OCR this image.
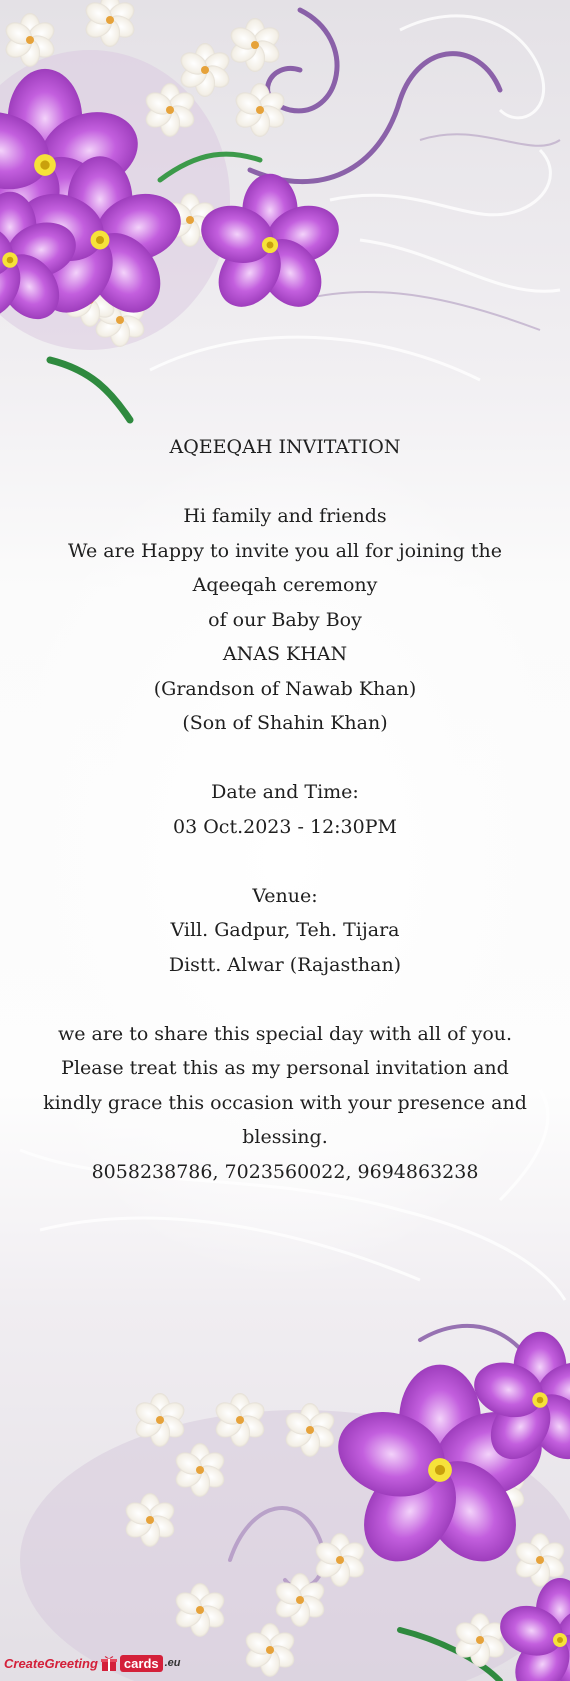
AQEEQAH INVITATION
Hi family and friends
We are Happy to invite you all for joining the
Aqeeqah ceremony
of our Baby Boy
ANAS KHAN
(Grandson of Nawab Khan)
(Son of Shahin Khan)
Date and Time:
03 Oct.2023 - 12:30PM
Venue:
Vill. Gadpur, Teh. Tijara
Distt. Alwar (Rajasthan)
we are to share this special day with all of you. Please treat this as my personal invitation and kindly grace this occasion with your presence and blessing.
8058238786, 7023560022, 9694863238
CreateGreeting	cards .eu
